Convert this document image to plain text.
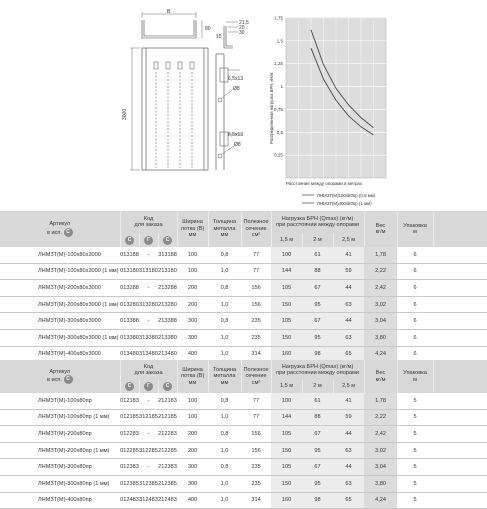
B
80
15
21,5
20
30
6,5х13
Ø8
Ø8
6,5х13
3000
1,75
1,5
1,25
1
0,75
0,5
0,25
Распределенная нагрузка БРН, кН/м
Расстояние между опорами в метрах
ЛНМЗТ(М)100x80пр (0,8 мм)
ЛНМЗТ(М)400x80пр (1 мм)
Артикул
в исп. С	Код
для заказа			Ширина
лотка (В)
мм	Толщина
металла
мм	Полезное
сечение
см²	Нагрузка БРН (Qmax) (кг/м)
при расстоянии между опорами			Вес
кг/м	Упаковка
м	
	С	Г	С				1,5 м	2 м	2,5 м			
ЛНМЗТ(М)-100x80x3000	013188	-	313188	100	0,8	77	100	61	41	1,78	6	
ЛНМЗТ(М)-100x80x3000 (1 мм)	013180	313180	213180	100	1,0	77	144	88	59	2,22	6	
ЛНМЗТ(М)-200x80x3000	013288	-	213288	200	0,8	156	105	67	44	2,42	6	
ЛНМЗТ(М)-200x80x3000 (1 мм)	013280	313280	213280	200	1,0	156	150	95	63	3,02	6	
ЛНМЗТ(М)-300x80x3000	013388	-	213388	300	0,8	235	105	67	44	3,04	6	
ЛНМЗТ(М)-300x80x3000 (1 мм)	013380	313380	213380	300	1,0	235	150	95	63	3,80	6	
ЛНМЗТ(М)-400x80x3000	013480	313480	213480	400	1,0	314	160	98	65	4,24	6	
Артикул
в исп. С	Код
для заказа			Ширина
лотка (В)
мм	Толщина
металла
мм	Полезное
сечение
см²	Нагрузка БРН (Qmax) (кг/м)
при расстоянии между опорами			Вес
кг/м	Упаковка
м	
	С	Г	С				1,5 м	2 м	2,5 м			
ЛНМЗТ(М)-100x80пр	012183	-	212183	100	0,8	77	100	61	41	1,78	5	
ЛНМЗТ(М)-100x80пр (1 мм)	012185	312185	212185	100	1,0	77	144	88	59	2,22	5	
ЛНМЗТ(М)-200x80пр	012283	-	212283	200	0,8	156	105	67	44	2,42	5	
ЛНМЗТ(М)-200x80пр (1 мм)	012285	312285	212285	200	1,0	156	150	95	63	3,02	5	
ЛНМЗТ(М)-300x80пр	012383	-	212383	300	0,8	235	105	67	44	3,04	5	
ЛНМЗТ(М)-300x80пр (1 мм)	012385	312385	212385	300	1,0	235	150	95	63	3,80	5	
ЛНМЗТ(М)-400x80пр	012483	312483	212483	400	1,0	314	160	98	65	4,24	5	
